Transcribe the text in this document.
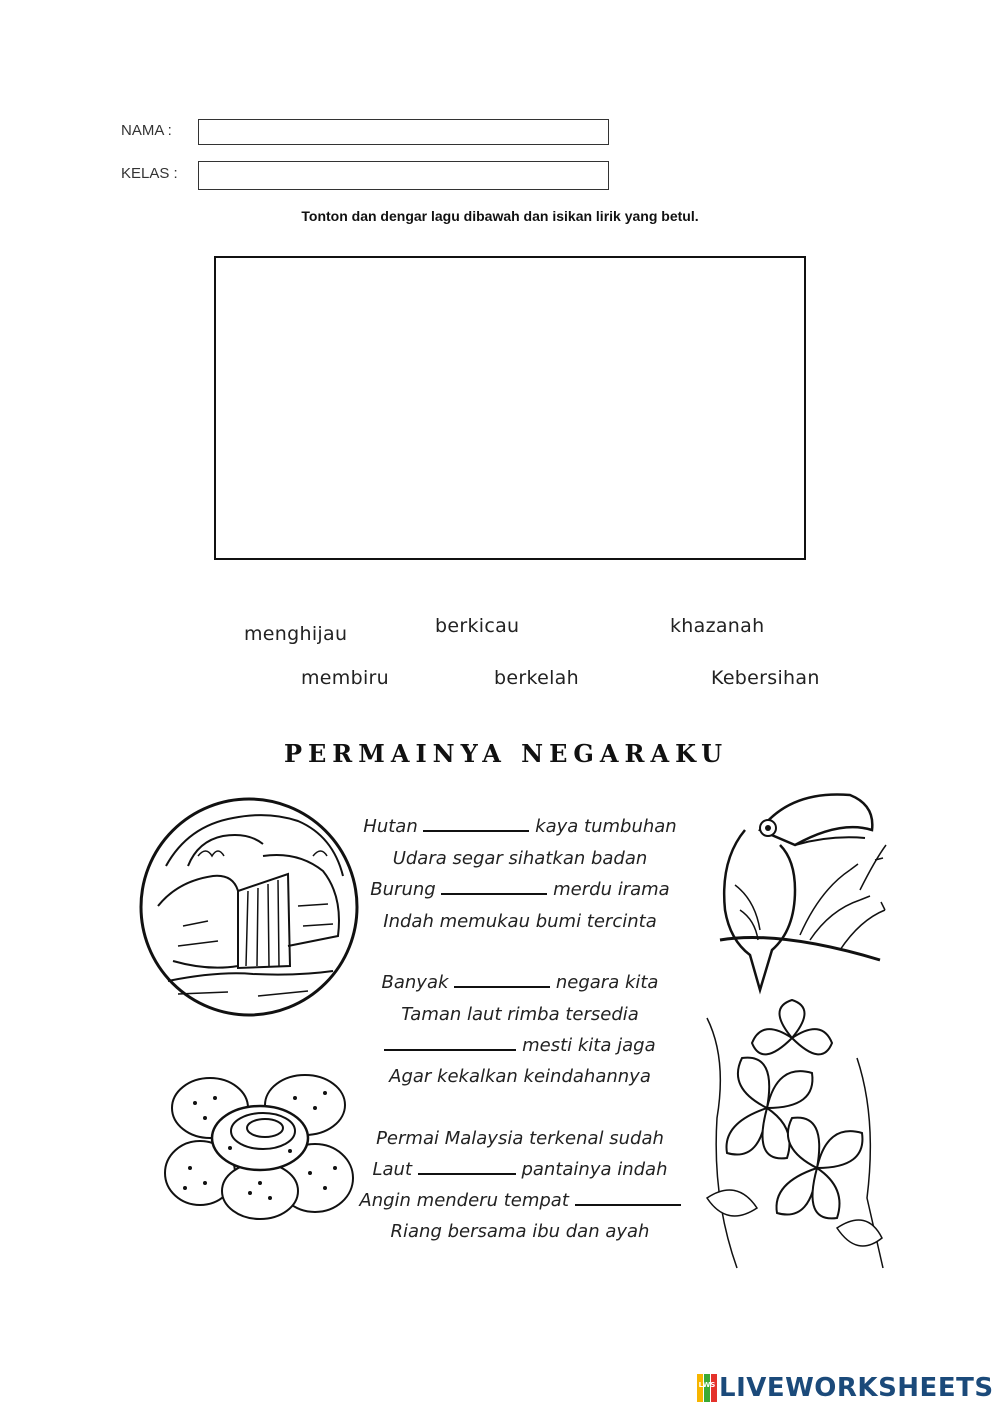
NAMA :
KELAS :
Tonton dan dengar lagu dibawah dan isikan lirik yang betul.
menghijau	berkicau	khazanah
membiru	berkelah	Kebersihan
PERMAINYA NEGARAKU
Hutan	kaya tumbuhan
Udara segar sihatkan badan
Burung	merdu irama
Indah memukau bumi tercinta
Banyak	negara kita
Taman laut rimba tersedia
mesti kita jaga
Agar kekalkan keindahannya
Permai Malaysia terkenal sudah
Laut	pantainya indah
Angin menderu tempat
Riang bersama ibu dan ayah
LWS LIVEWORKSHEETS
